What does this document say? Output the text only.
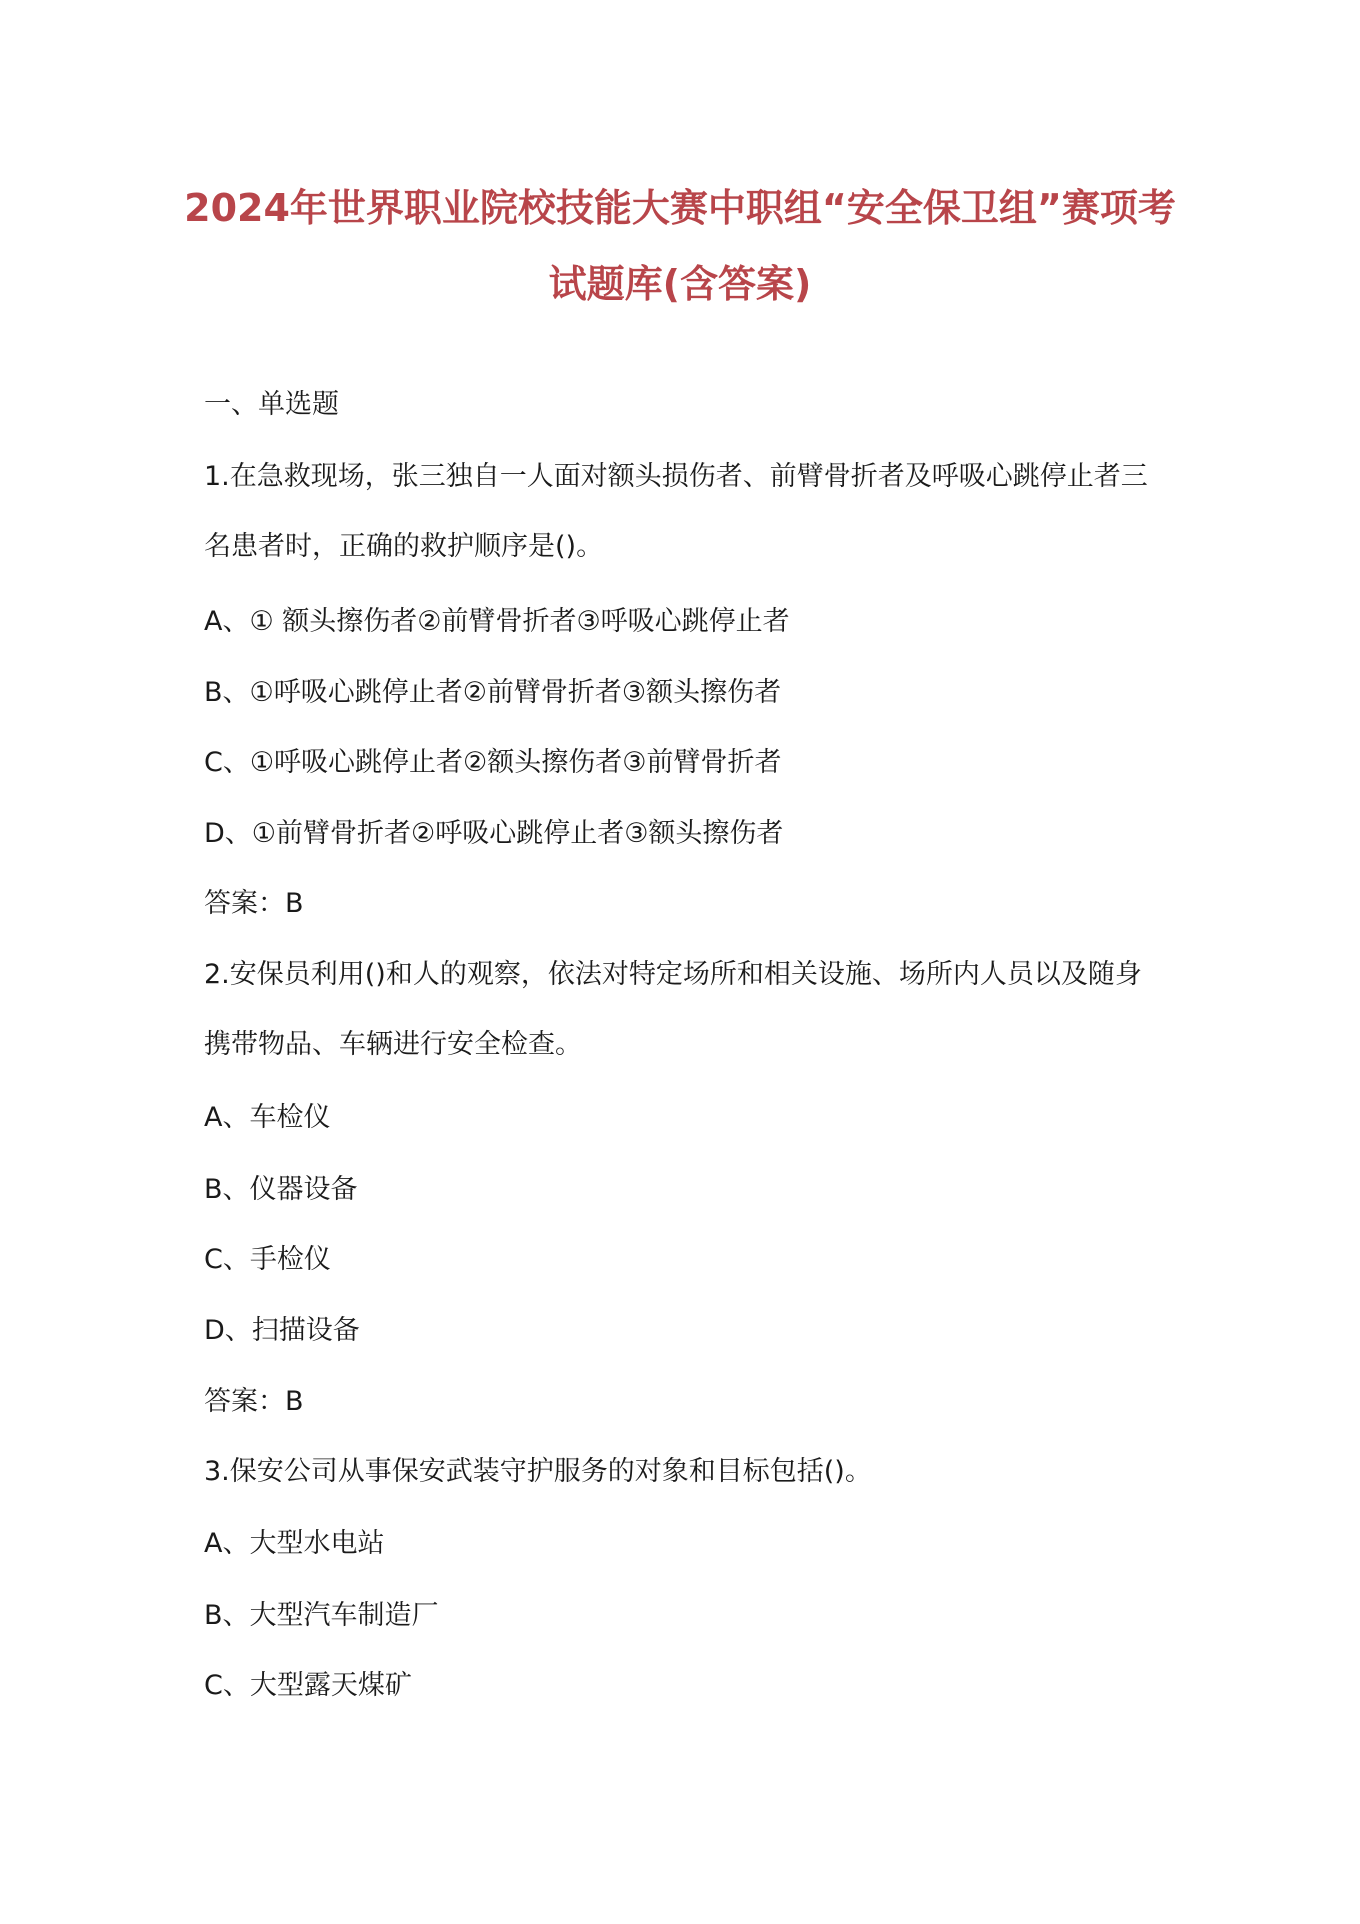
2024年世界职业院校技能大赛中职组“安全保卫组”赛项考
试题库(含答案)
一、单选题
1.在急救现场，张三独自一人面对额头损伤者、前臂骨折者及呼吸心跳停止者三
名患者时，正确的救护顺序是()。
A、① 额头擦伤者②前臂骨折者③呼吸心跳停止者
B、①呼吸心跳停止者②前臂骨折者③额头擦伤者
C、①呼吸心跳停止者②额头擦伤者③前臂骨折者
D、①前臂骨折者②呼吸心跳停止者③额头擦伤者
答案：B
2.安保员利用()和人的观察，依法对特定场所和相关设施、场所内人员以及随身
携带物品、车辆进行安全检查。
A、车检仪
B、仪器设备
C、手检仪
D、扫描设备
答案：B
3.保安公司从事保安武装守护服务的对象和目标包括()。
A、大型水电站
B、大型汽车制造厂
C、大型露天煤矿
